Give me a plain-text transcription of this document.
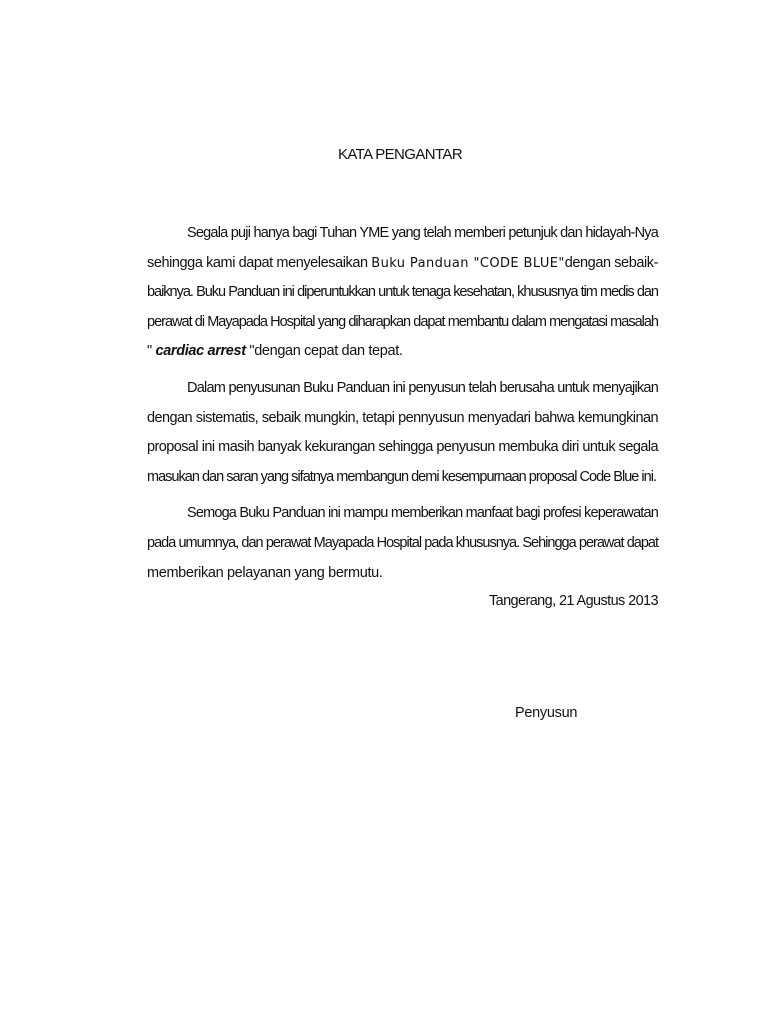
KATA PENGANTAR

Segala puji hanya bagi Tuhan YME yang telah memberi petunjuk dan hidayah-Nya
sehingga kami dapat menyelesaikan Buku Panduan "CODE BLUE"dengan sebaik-
baiknya. Buku Panduan ini diperuntukkan untuk tenaga kesehatan, khususnya tim medis dan
perawat di Mayapada Hospital yang diharapkan dapat membantu dalam mengatasi masalah
" cardiac arrest "dengan cepat dan tepat.

Dalam penyusunan Buku Panduan ini penyusun telah berusaha untuk menyajikan
dengan sistematis, sebaik mungkin, tetapi pennyusun menyadari bahwa kemungkinan
proposal ini masih banyak kekurangan sehingga penyusun membuka diri untuk segala
masukan dan saran yang sifatnya membangun demi kesempurnaan proposal Code Blue ini.

Semoga Buku Panduan ini mampu memberikan manfaat bagi profesi keperawatan
pada umumnya, dan perawat Mayapada Hospital pada khususnya. Sehingga perawat dapat
memberikan pelayanan yang bermutu.

Tangerang, 21 Agustus 2013
Penyusun
